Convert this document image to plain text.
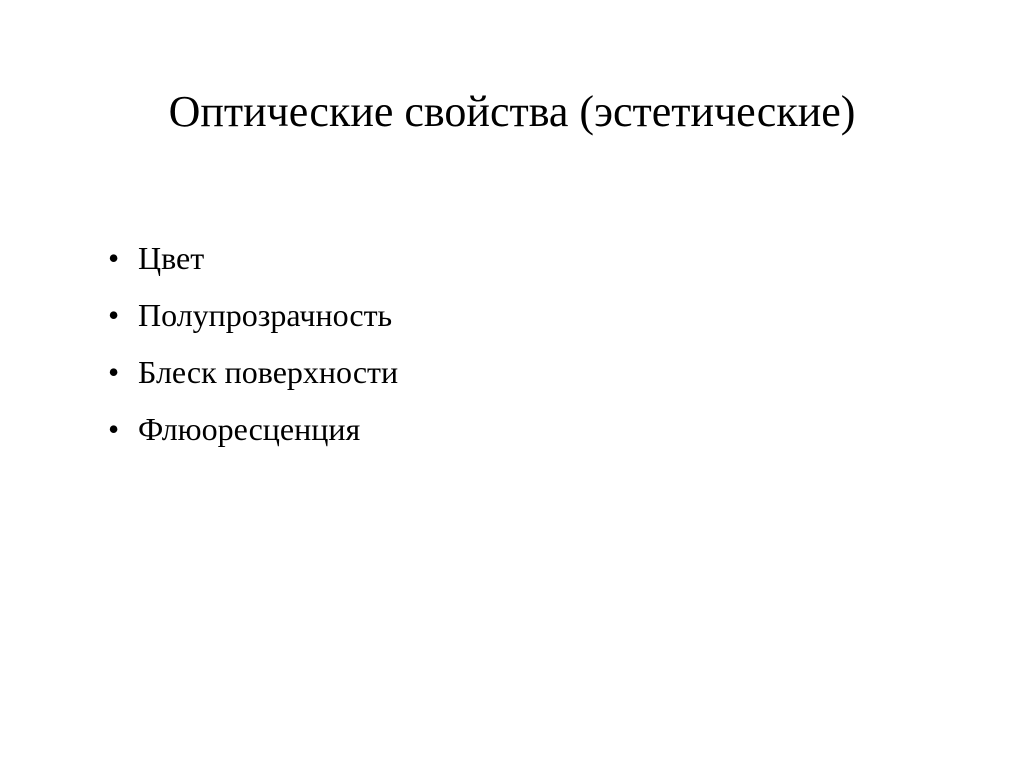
Оптические свойства (эстетические)
• Цвет
• Полупрозрачность
• Блеск поверхности
• Флюоресценция
